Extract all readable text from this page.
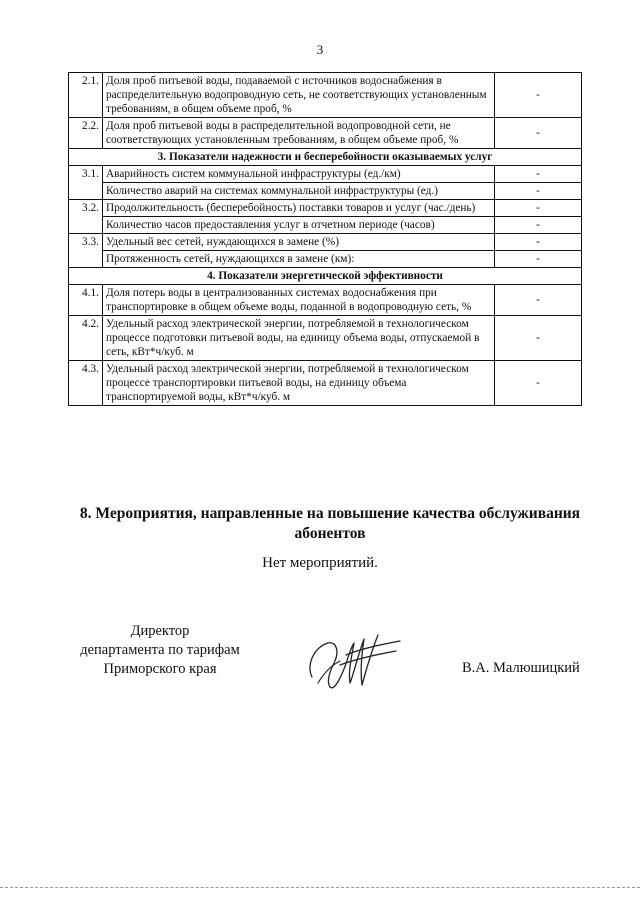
3
2.1.	Доля проб питьевой воды, подаваемой с источников водоснабжения в распределительную водопроводную сеть, не соответствующих установленным требованиям, в общем объеме проб, %	-
2.2.	Доля проб питьевой воды в распределительной водопроводной сети, не соответствующих установленным требованиям, в общем объеме проб, %	-
3. Показатели надежности и бесперебойности оказываемых услуг		
3.1.	Аварийность систем коммунальной инфраструктуры (ед./км)	-
	Количество аварий на системах коммунальной инфраструктуры (ед.)	-
3.2.	Продолжительность (бесперебойность) поставки товаров и услуг (час./день)	-
	Количество часов предоставления услуг в отчетном периоде (часов)	-
3.3.	Удельный вес сетей, нуждающихся в замене (%)	-
	Протяженность сетей, нуждающихся в замене (км):	-
4. Показатели энергетической эффективности		
4.1.	Доля потерь воды в централизованных системах водоснабжения при транспортировке в общем объеме воды, поданной в водопроводную сеть, %	-
4.2.	Удельный расход электрической энергии, потребляемой в технологическом процессе подготовки питьевой воды, на единицу объема воды, отпускаемой в сеть, кВт*ч/куб. м	-
4.3.	Удельный расход электрической энергии, потребляемой в технологическом процессе транспортировки питьевой воды, на единицу объема транспортируемой воды, кВт*ч/куб. м	-
8. Мероприятия, направленные на повышение качества обслуживания абонентов
Нет мероприятий.
Директор
департамента по тарифам
Приморского края	В.А. Малюшицкий
